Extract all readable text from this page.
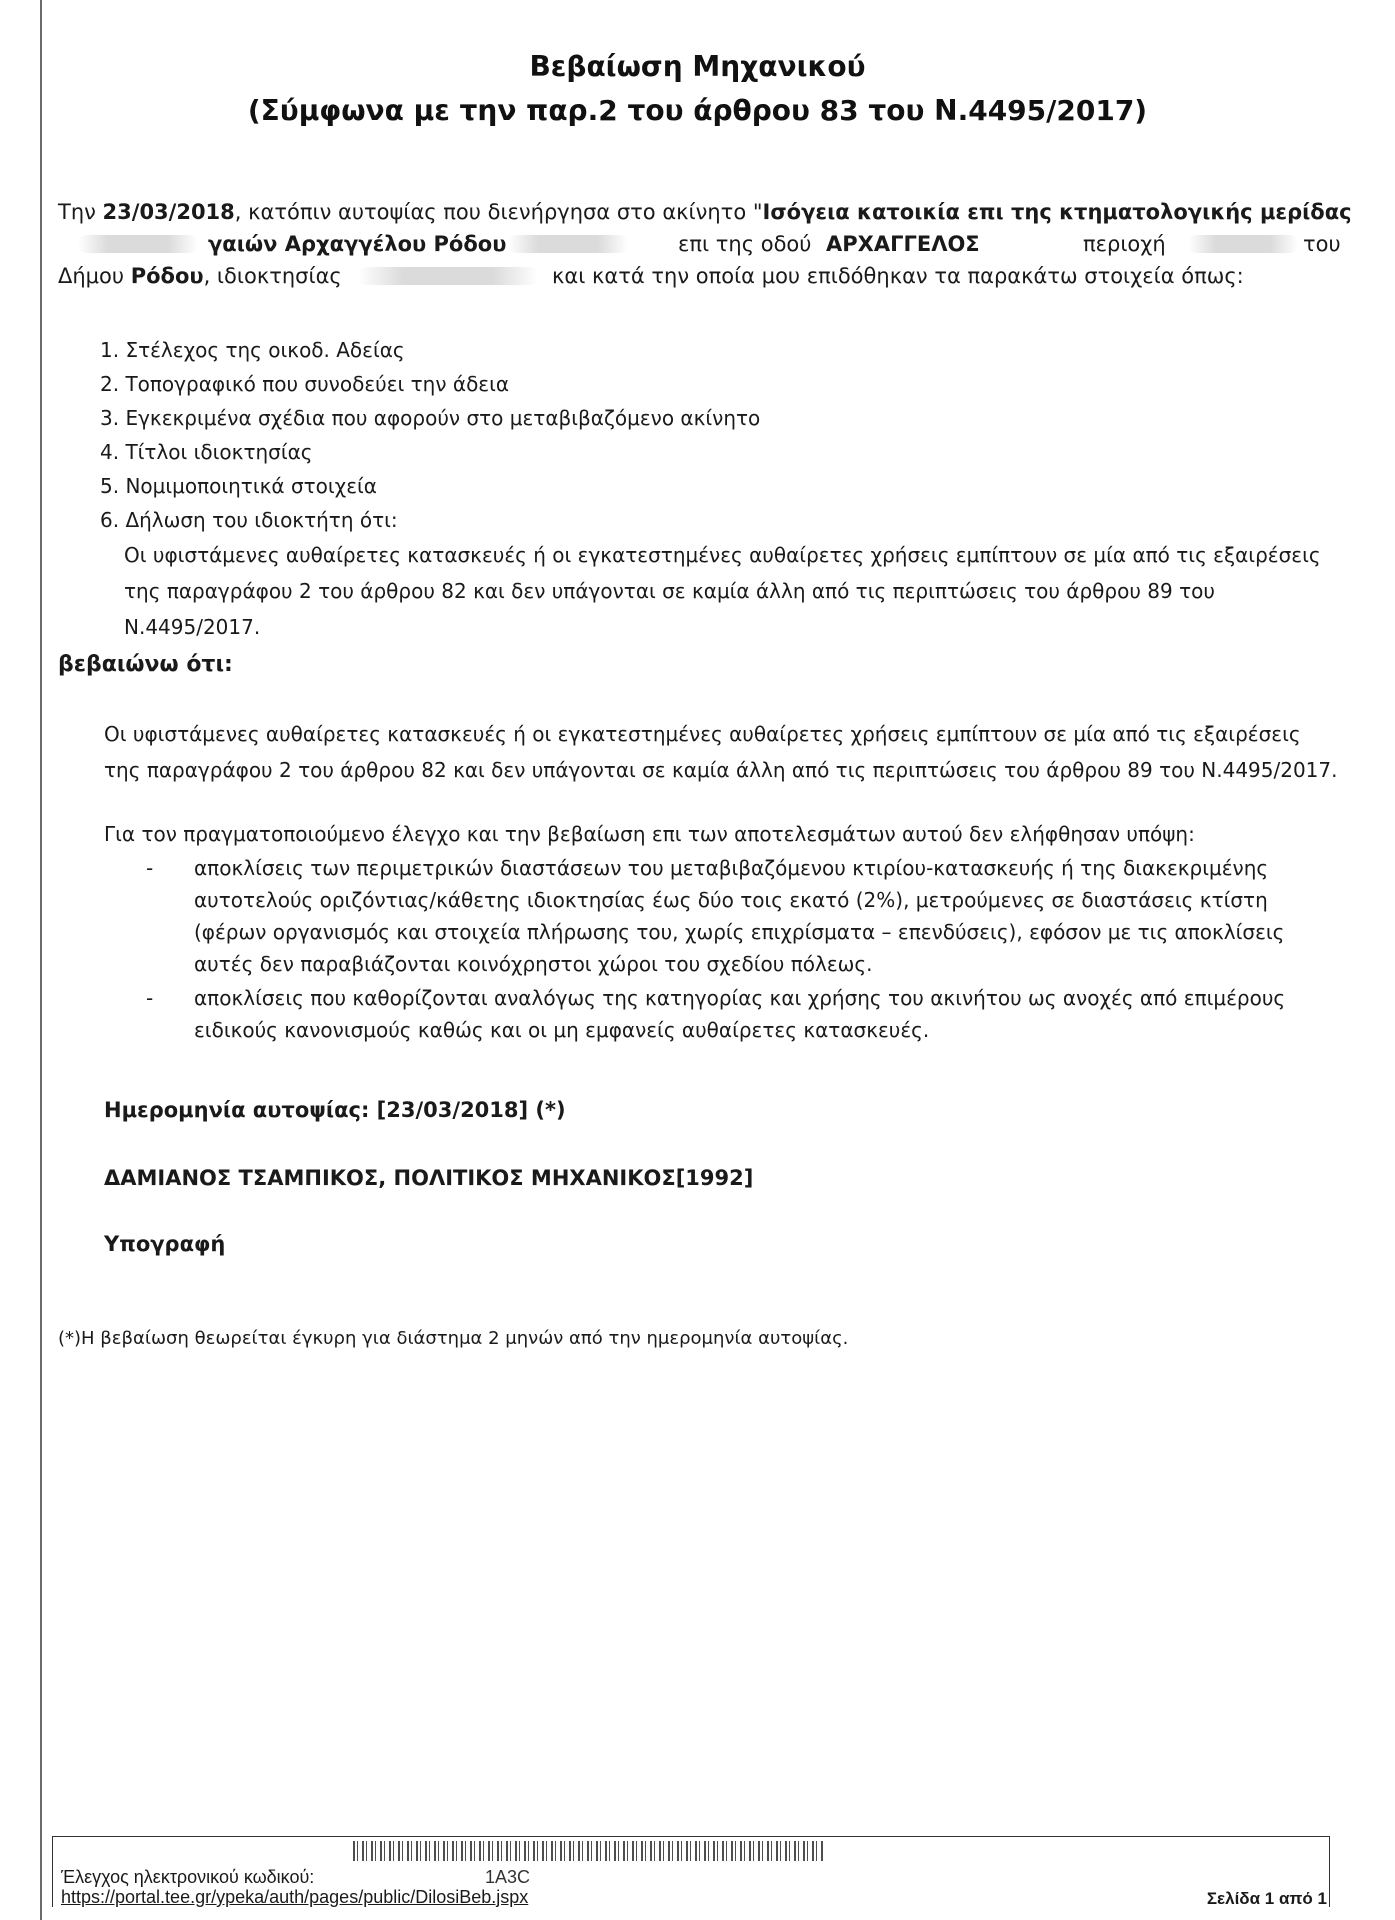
Βεβαίωση Μηχανικού
(Σύμφωνα με την παρ.2 του άρθρου 83 του Ν.4495/2017)
Την 23/03/2018, κατόπιν αυτοψίας που διενήργησα στο ακίνητο "Ισόγεια κατοικία επι της κτηματολογικής μερίδας
γαιών Αρχαγγέλου Ρόδου	επι της οδού ΑΡΧΑΓΓΕΛΟΣ	περιοχή	του
Δήμου Ρόδου, ιδιοκτησίας	και κατά την οποία μου επιδόθηκαν τα παρακάτω στοιχεία όπως:
1. Στέλεχος της οικοδ. Αδείας
2. Τοπογραφικό που συνοδεύει την άδεια
3. Εγκεκριμένα σχέδια που αφορούν στο μεταβιβαζόμενο ακίνητο
4. Τίτλοι ιδιοκτησίας
5. Νομιμοποιητικά στοιχεία
6. Δήλωση του ιδιοκτήτη ότι:
Οι υφιστάμενες αυθαίρετες κατασκευές ή οι εγκατεστημένες αυθαίρετες χρήσεις εμπίπτουν σε μία από τις εξαιρέσεις της παραγράφου 2 του άρθρου 82 και δεν υπάγονται σε καμία άλλη από τις περιπτώσεις του άρθρου 89 του Ν.4495/2017.
βεβαιώνω ότι:
Οι υφιστάμενες αυθαίρετες κατασκευές ή οι εγκατεστημένες αυθαίρετες χρήσεις εμπίπτουν σε μία από τις εξαιρέσεις της παραγράφου 2 του άρθρου 82 και δεν υπάγονται σε καμία άλλη από τις περιπτώσεις του άρθρου 89 του Ν.4495/2017.
Για τον πραγματοποιούμενο έλεγχο και την βεβαίωση επι των αποτελεσμάτων αυτού δεν ελήφθησαν υπόψη:
- αποκλίσεις των περιμετρικών διαστάσεων του μεταβιβαζόμενου κτιρίου-κατασκευής ή της διακεκριμένης αυτοτελούς οριζόντιας/κάθετης ιδιοκτησίας έως δύο τοις εκατό (2%), μετρούμενες σε διαστάσεις κτίστη (φέρων οργανισμός και στοιχεία πλήρωσης του, χωρίς επιχρίσματα – επενδύσεις), εφόσον με τις αποκλίσεις αυτές δεν παραβιάζονται κοινόχρηστοι χώροι του σχεδίου πόλεως.
- αποκλίσεις που καθορίζονται αναλόγως της κατηγορίας και χρήσης του ακινήτου ως ανοχές από επιμέρους ειδικούς κανονισμούς καθώς και οι μη εμφανείς αυθαίρετες κατασκευές.
Ημερομηνία αυτοψίας: [23/03/2018] (*)
ΔΑΜΙΑΝΟΣ ΤΣΑΜΠΙΚΟΣ, ΠΟΛΙΤΙΚΟΣ ΜΗΧΑΝΙΚΟΣ[1992]
Υπογραφή
(*)Η βεβαίωση θεωρείται έγκυρη για διάστημα 2 μηνών από την ημερομηνία αυτοψίας.
Έλεγχος ηλεκτρονικού κωδικού:	1A3C
https://portal.tee.gr/ypeka/auth/pages/public/DilosiBeb.jspx	Σελίδα 1 από 1
